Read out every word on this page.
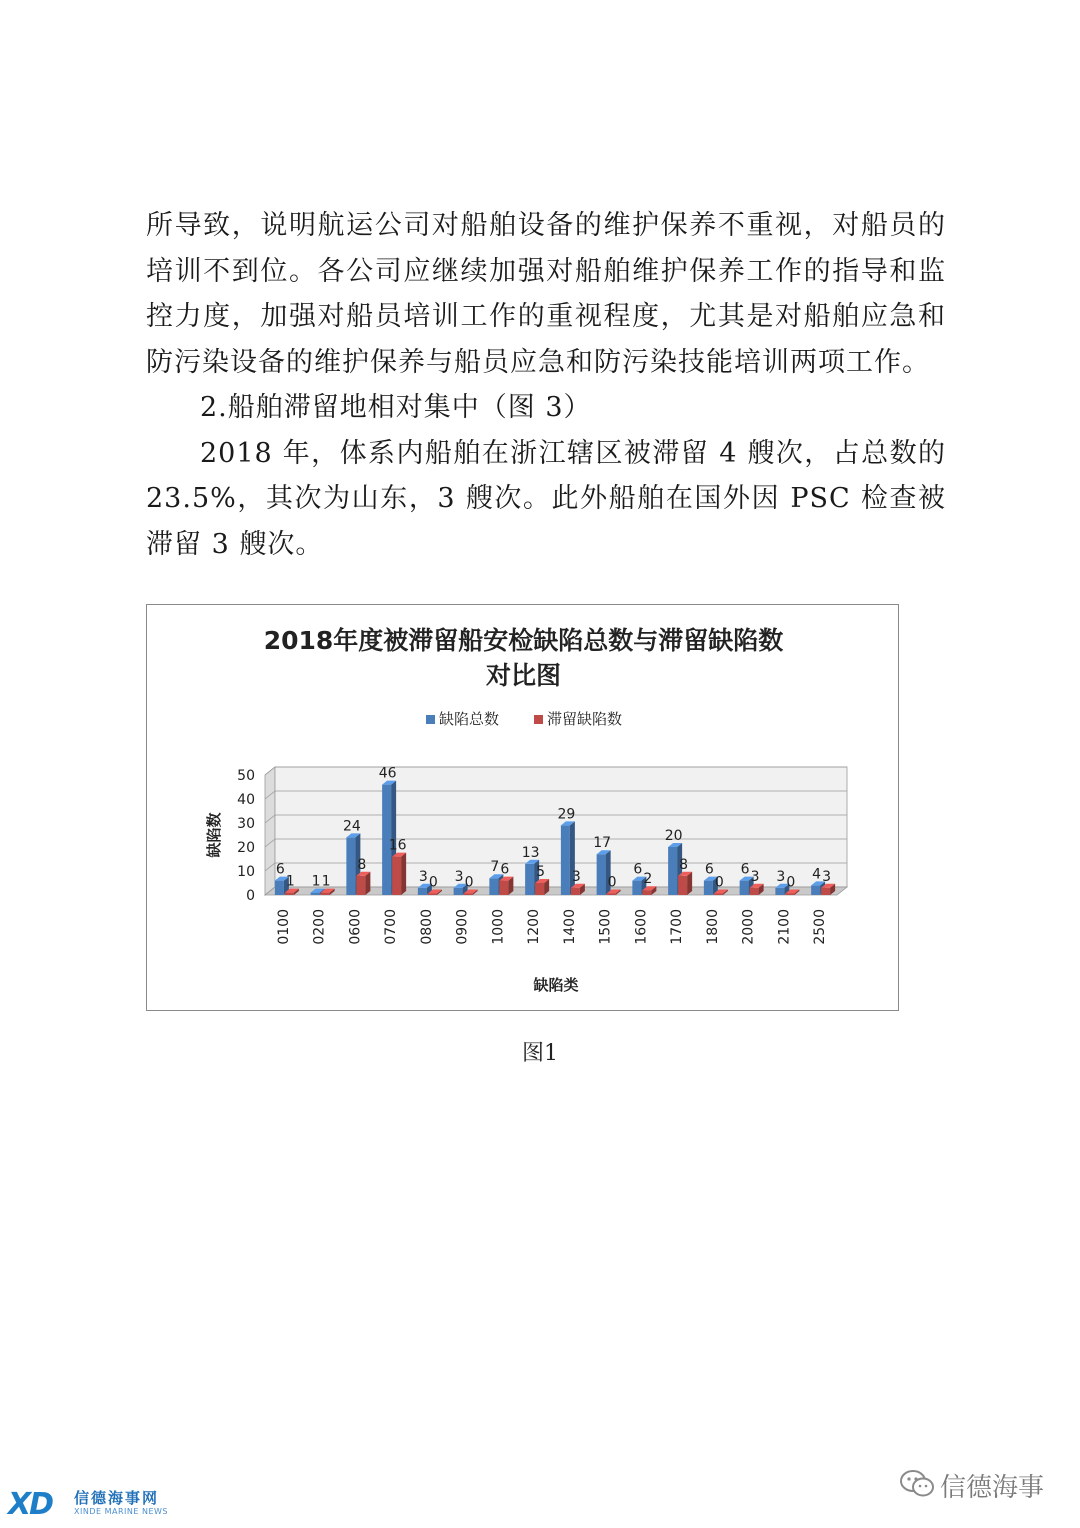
所导致，说明航运公司对船舶设备的维护保养不重视，对船员的培训不到位。各公司应继续加强对船舶维护保养工作的指导和监控力度，加强对船员培训工作的重视程度，尤其是对船舶应急和防污染设备的维护保养与船员应急和防污染技能培训两项工作。

2.船舶滞留地相对集中（图 3）

2018 年，体系内船舶在浙江辖区被滞留 4 艘次，占总数的 23.5%，其次为山东，3 艘次。此外船舶在国外因 PSC 检查被滞留 3 艘次。

2018年度被滞留船安检缺陷总数与滞留缺陷数
对比图
缺陷总数	滞留缺陷数
0
10
20
30
40
50
缺陷数
缺陷类
6
1
0100
1 1
0200
24
8
0600
46
16
0700
3 0
0800
3 0
0900
7 6
1000
13
5
1200
29
3
1400
17
0
1500
6
2
1600
20
8
1700
6
0
1800
6 3
2000
3 0
2100
4 3
2500
图1
XD 信德海事网
XINDE MARINE NEWS
信德海事
